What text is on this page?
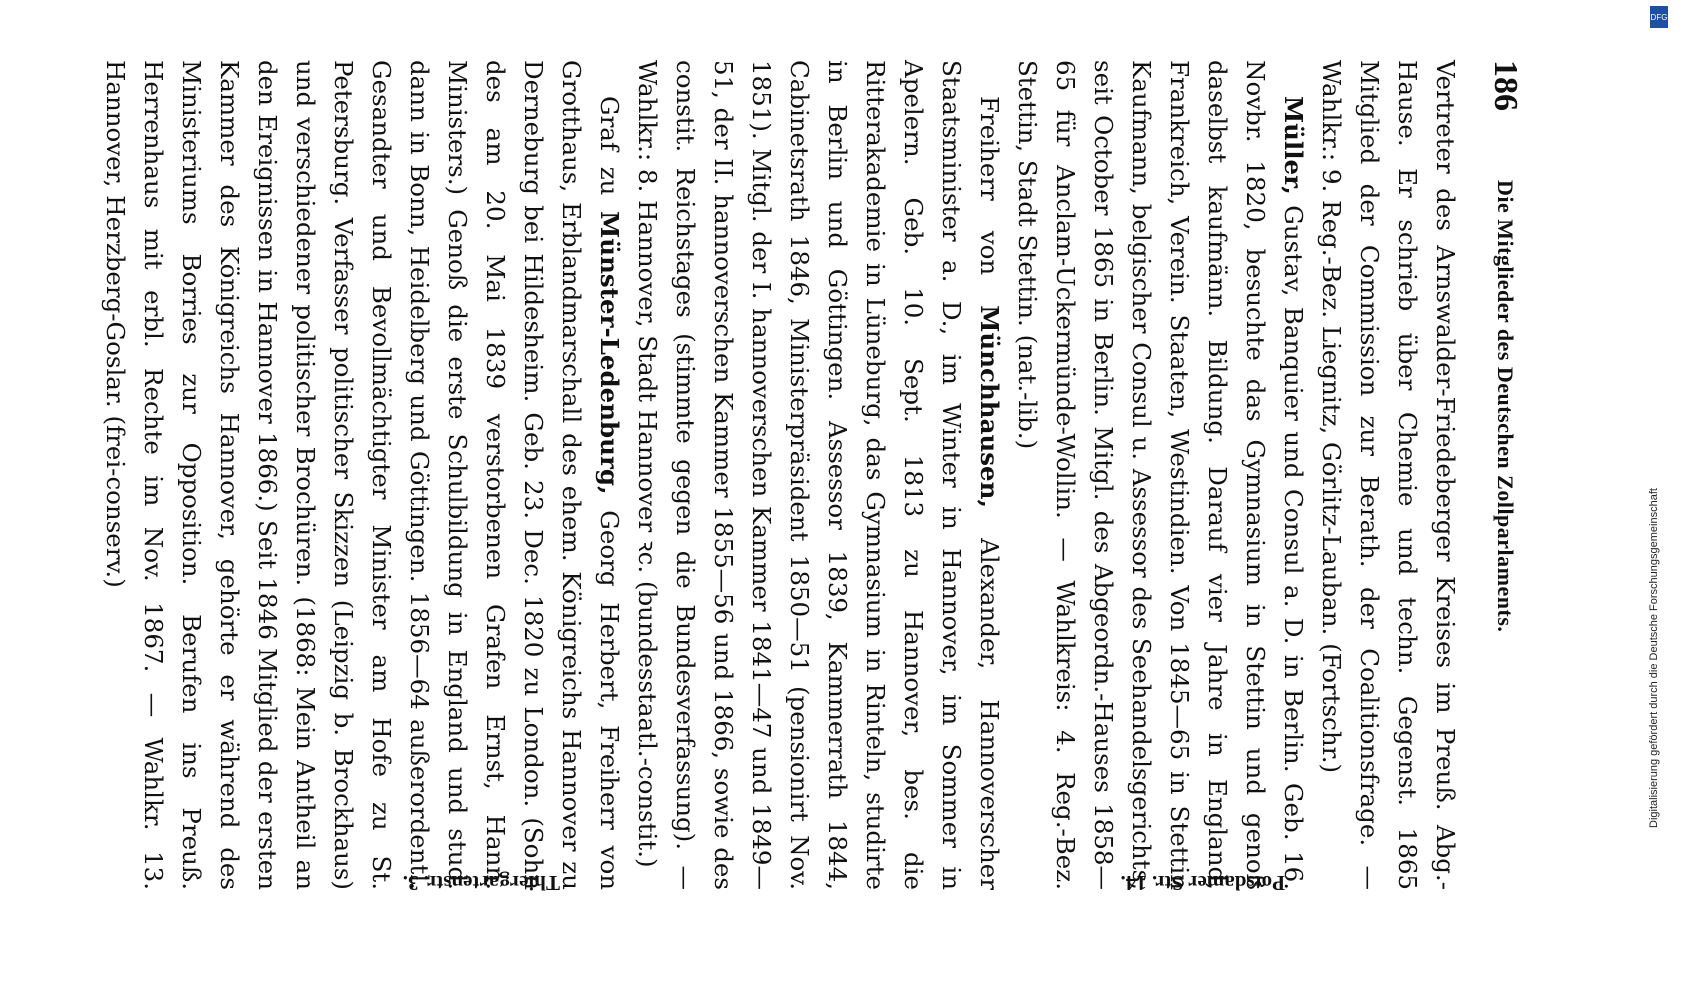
186
Die Mitglieder des Deutschen Zollparlaments.

Vertreter des Arnswalder-Friedeberger Kreises im Preuß. Abg.-Hause. Er schrieb über Chemie und techn. Gegenst. 1865 Mitglied der Commission zur Berath. der Coalitionsfrage. — Wahlkr.: 9. Reg.-Bez. Liegnitz, Görlitz-Lauban. (Fortschr.)

Müller, Gustav, Banquier und Consul a. D. in Berlin. Geb. 16. Novbr. 1820, besuchte das Gymnasium in Stettin und genoß daselbst kaufmänn. Bildung. Darauf vier Jahre in England, Frankreich, Verein. Staaten, Westindien. Von 1845—65 in Stettin Kaufmann, belgischer Consul u. Assessor des Seehandelsgerichts, seit October 1865 in Berlin. Mitgl. des Abgeordn.-Hauses 1858—65 für Anclam-Uckermünde-Wollin. — Wahlkreis: 4. Reg.-Bez. Stettin, Stadt Stettin. (nat.-lib.)

Freiherr von Münchhausen, Alexander, Hannoverscher Staatsminister a. D., im Winter in Hannover, im Sommer in Apelern. Geb. 10. Sept. 1813 zu Hannover, bes. die Ritterakademie in Lüneburg, das Gymnasium in Rinteln, studirte in Berlin und Göttingen. Assessor 1839, Kammerrath 1844, Cabinetsrath 1846, Ministerpräsident 1850—51 (pensionirt Nov. 1851). Mitgl. der I. hannoverschen Kammer 1841—47 und 1849—51, der II. hannoverschen Kammer 1855—56 und 1866, sowie des constit. Reichstages (stimmte gegen die Bundesverfassung). — Wahlkr.: 8. Hannover, Stadt Hannover ꝛc. (bundesstaatl.-constit.)

Graf zu Münster-Ledenburg, Georg Herbert, Freiherr von Grotthaus, Erblandmarschall des ehem. Königreichs Hannover zu Derneburg bei Hildesheim. Geb. 23. Dec. 1820 zu London. (Sohn des am 20. Mai 1839 verstorbenen Grafen Ernst, Hann. Ministers.) Genoß die erste Schulbildung in England und stud. dann in Bonn, Heidelberg und Göttingen. 1856—64 außerordentl. Gesandter und Bevollmächtigter Minister am Hofe zu St. Petersburg. Verfasser politischer Skizzen (Leipzig b. Brockhaus) und verschiedener politischer Brochüren. (1868: Mein Antheil an den Ereignissen in Hannover 1866.) Seit 1846 Mitglied der ersten Kammer des Königreichs Hannover, gehörte er während des Ministeriums Borries zur Opposition. Berufen ins Preuß. Herrenhaus mit erbl. Rechte im Nov. 1867. — Wahlkr. 13. Hannover, Herzberg-Goslar. (frei-conserv.)

Thiergartenstr. 3.	Potsdamer Str. 14.
DFG
Digitalisierung gefördert durch die Deutsche Forschungsgemeinschaft
